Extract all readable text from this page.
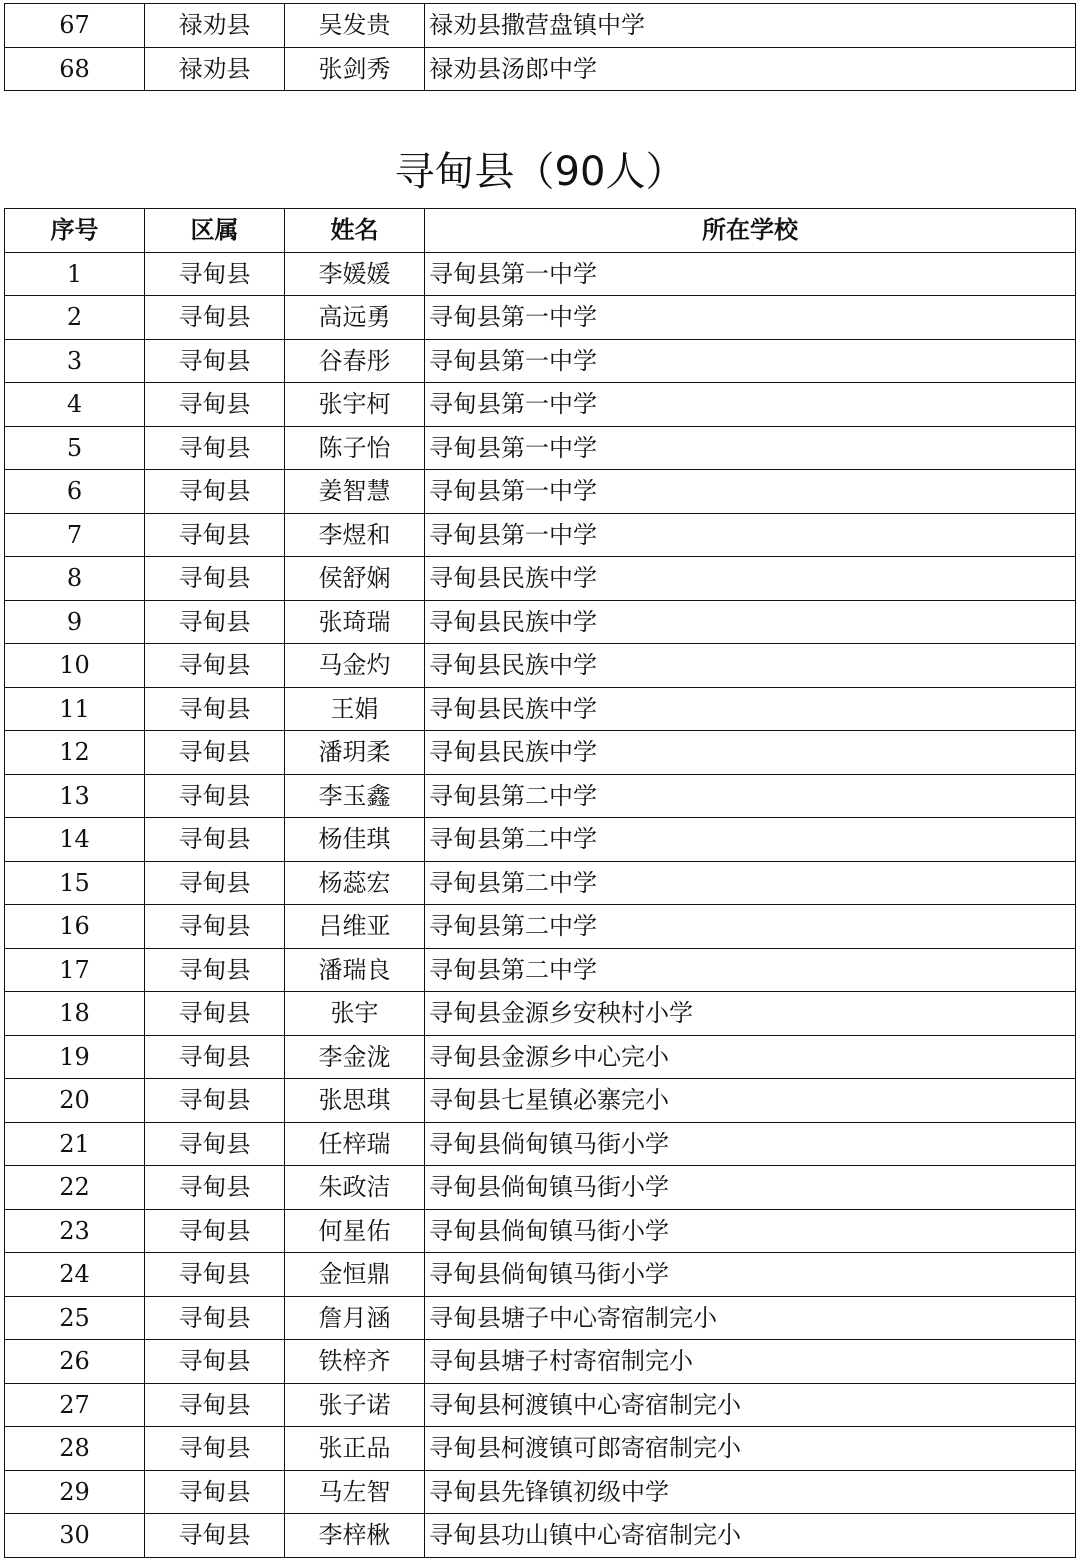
67	禄劝县	吴发贵	禄劝县撒营盘镇中学
68	禄劝县	张剑秀	禄劝县汤郎中学
寻甸县（90人）
序号	区属	姓名	所在学校
1	寻甸县	李媛媛	寻甸县第一中学
2	寻甸县	高远勇	寻甸县第一中学
3	寻甸县	谷春彤	寻甸县第一中学
4	寻甸县	张宇柯	寻甸县第一中学
5	寻甸县	陈子怡	寻甸县第一中学
6	寻甸县	姜智慧	寻甸县第一中学
7	寻甸县	李煜和	寻甸县第一中学
8	寻甸县	侯舒娴	寻甸县民族中学
9	寻甸县	张琦瑞	寻甸县民族中学
10	寻甸县	马金灼	寻甸县民族中学
11	寻甸县	王娟	寻甸县民族中学
12	寻甸县	潘玥柔	寻甸县民族中学
13	寻甸县	李玉鑫	寻甸县第二中学
14	寻甸县	杨佳琪	寻甸县第二中学
15	寻甸县	杨蕊宏	寻甸县第二中学
16	寻甸县	吕维亚	寻甸县第二中学
17	寻甸县	潘瑞良	寻甸县第二中学
18	寻甸县	张宇	寻甸县金源乡安秧村小学
19	寻甸县	李金泷	寻甸县金源乡中心完小
20	寻甸县	张思琪	寻甸县七星镇必寨完小
21	寻甸县	任梓瑞	寻甸县倘甸镇马街小学
22	寻甸县	朱政洁	寻甸县倘甸镇马街小学
23	寻甸县	何星佑	寻甸县倘甸镇马街小学
24	寻甸县	金恒鼎	寻甸县倘甸镇马街小学
25	寻甸县	詹月涵	寻甸县塘子中心寄宿制完小
26	寻甸县	铁梓齐	寻甸县塘子村寄宿制完小
27	寻甸县	张子诺	寻甸县柯渡镇中心寄宿制完小
28	寻甸县	张正品	寻甸县柯渡镇可郎寄宿制完小
29	寻甸县	马左智	寻甸县先锋镇初级中学
30	寻甸县	李梓楸	寻甸县功山镇中心寄宿制完小
